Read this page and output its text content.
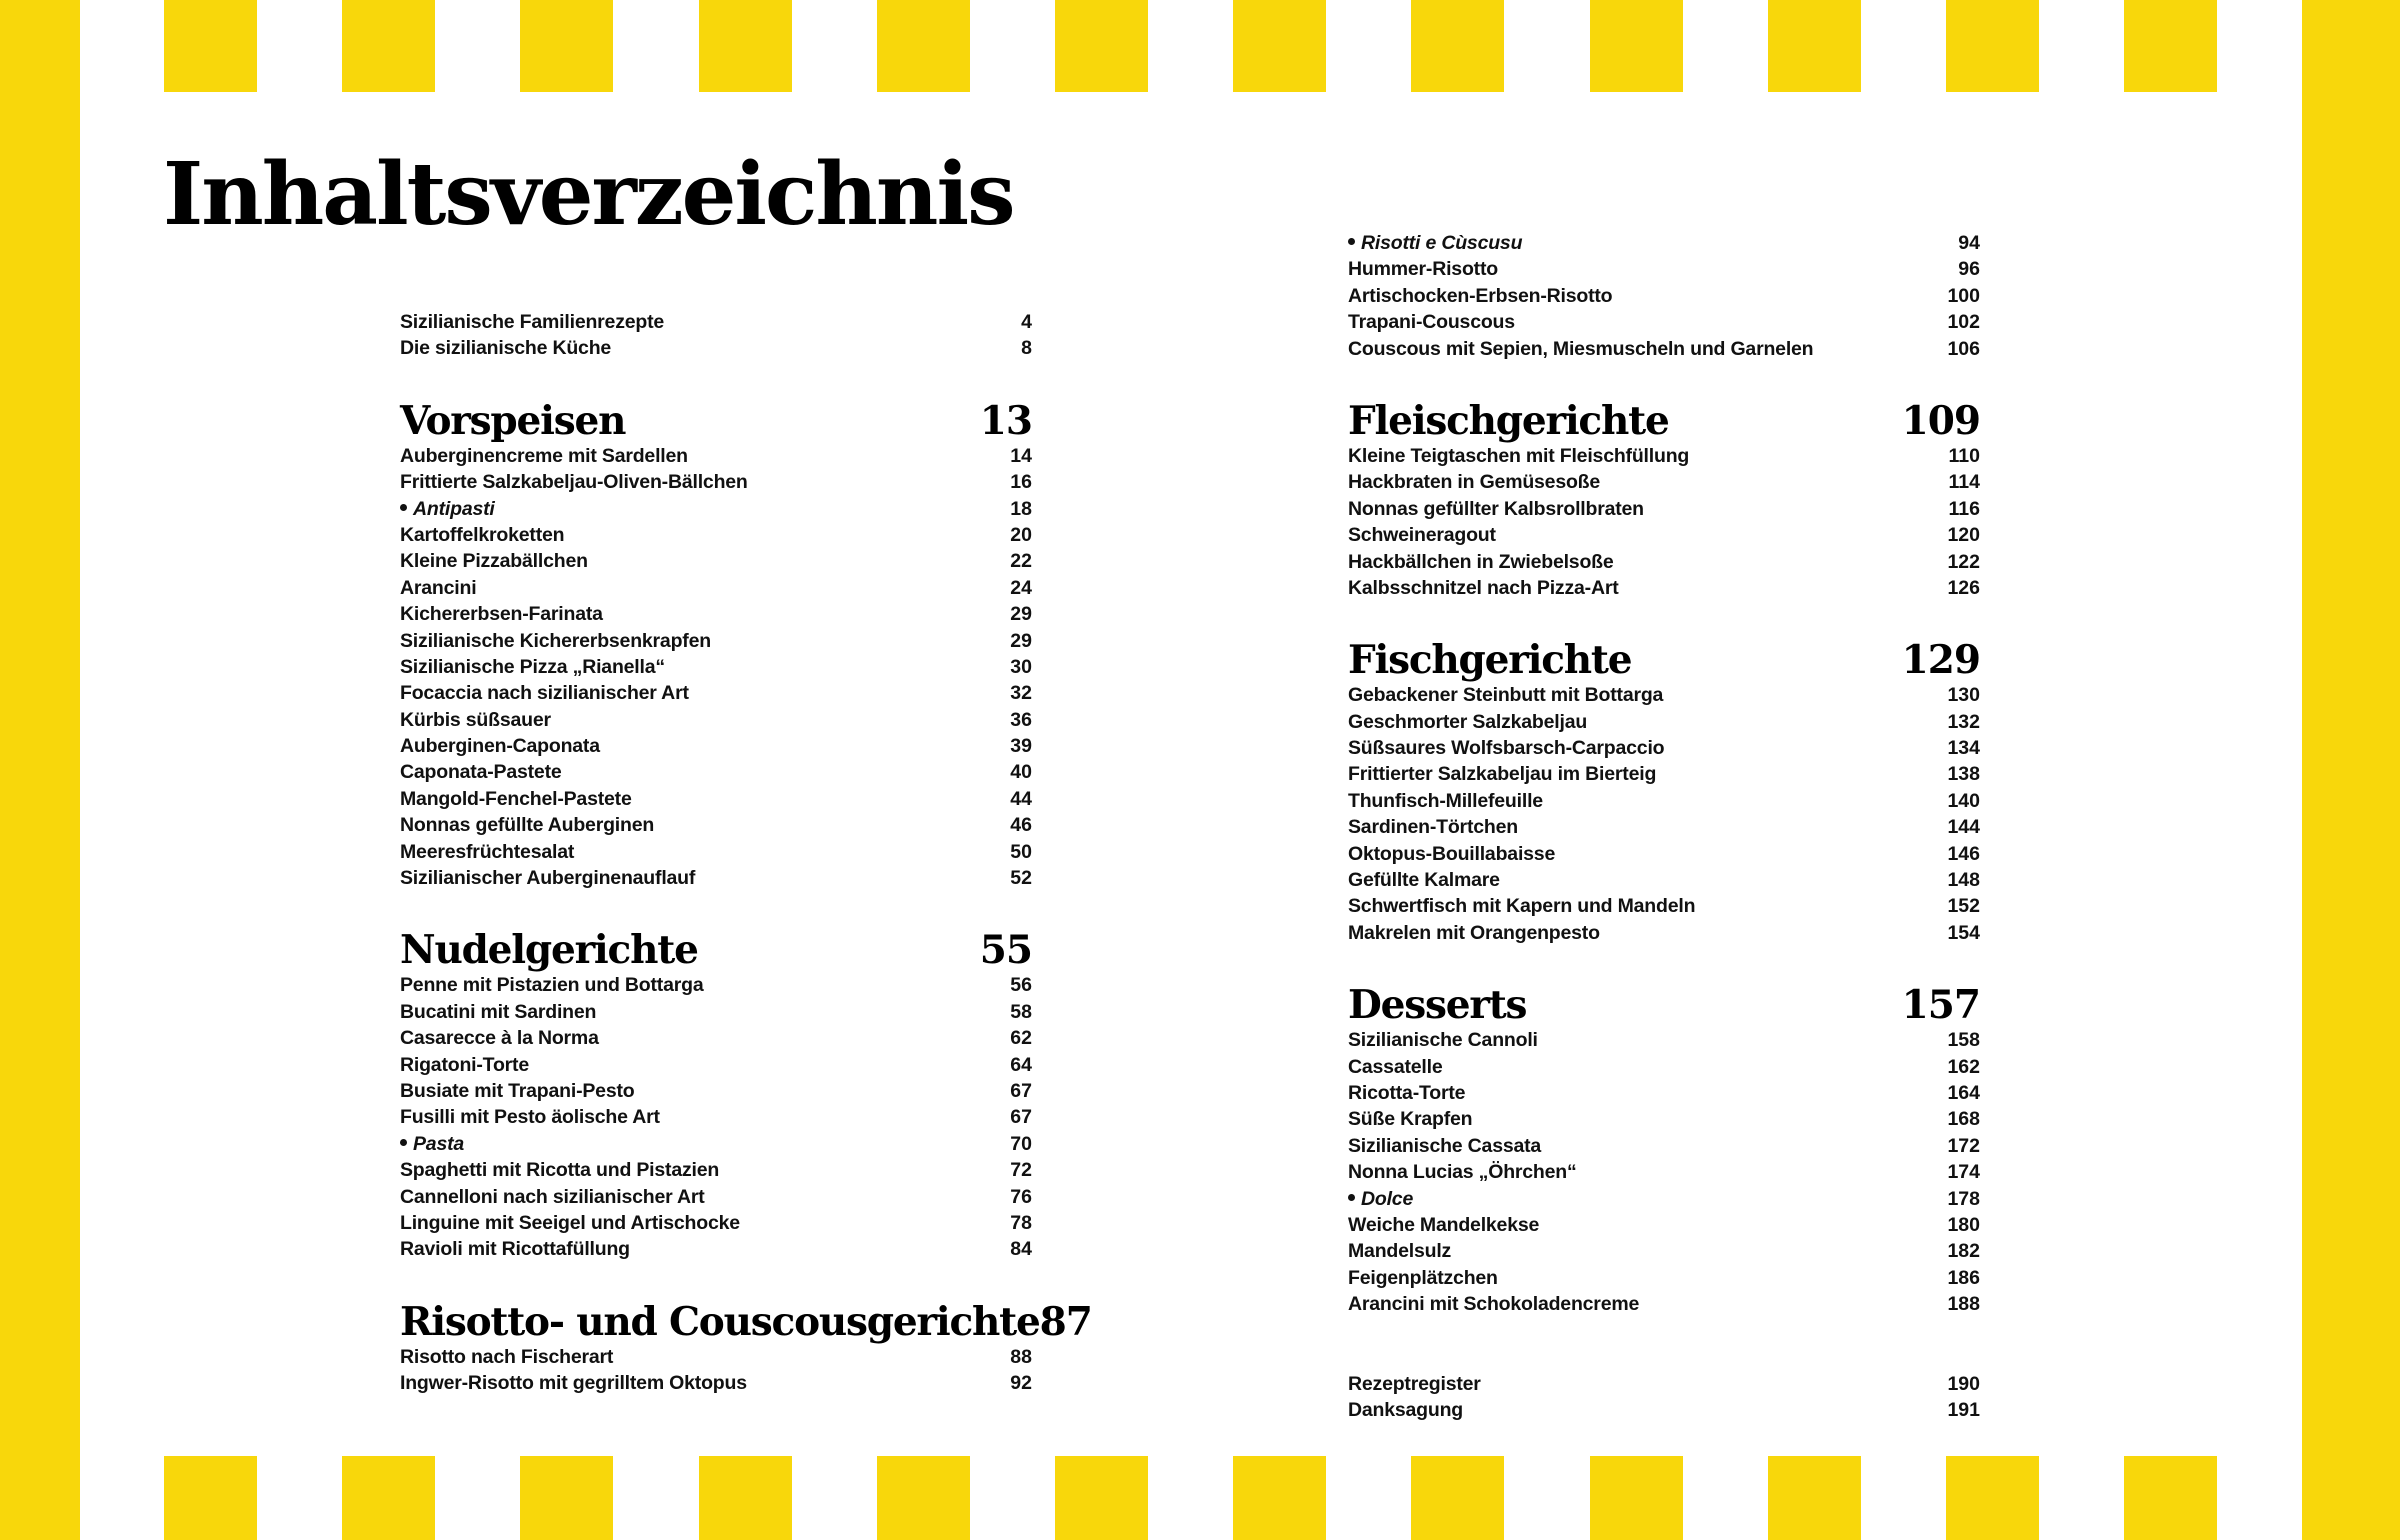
Inhaltsverzeichnis
Sizilianische Familienrezepte	4
Die sizilianische Küche	8
Vorspeisen	13
Auberginencreme mit Sardellen	14
Frittierte Salzkabeljau-Oliven-Bällchen	16
Antipasti	18
Kartoffelkroketten	20
Kleine Pizzabällchen	22
Arancini	24
Kichererbsen-Farinata	29
Sizilianische Kichererbsenkrapfen	29
Sizilianische Pizza „Rianella“	30
Focaccia nach sizilianischer Art	32
Kürbis süßsauer	36
Auberginen-Caponata	39
Caponata-Pastete	40
Mangold-Fenchel-Pastete	44
Nonnas gefüllte Auberginen	46
Meeresfrüchtesalat	50
Sizilianischer Auberginenauflauf	52
Nudelgerichte	55
Penne mit Pistazien und Bottarga	56
Bucatini mit Sardinen	58
Casarecce à la Norma	62
Rigatoni-Torte	64
Busiate mit Trapani-Pesto	67
Fusilli mit Pesto äolische Art	67
Pasta	70
Spaghetti mit Ricotta und Pistazien	72
Cannelloni nach sizilianischer Art	76
Linguine mit Seeigel und Artischocke	78
Ravioli mit Ricottafüllung	84
Risotto- und Couscousgerichte 87
Risotto nach Fischerart	88
Ingwer-Risotto mit gegrilltem Oktopus	92
Risotti e Cùscusu	94
Hummer-Risotto	96
Artischocken-Erbsen-Risotto	100
Trapani-Couscous	102
Couscous mit Sepien, Miesmuscheln und Garnelen	106
Fleischgerichte	109
Kleine Teigtaschen mit Fleischfüllung	110
Hackbraten in Gemüsesoße	114
Nonnas gefüllter Kalbsrollbraten	116
Schweineragout	120
Hackbällchen in Zwiebelsoße	122
Kalbsschnitzel nach Pizza-Art	126
Fischgerichte	129
Gebackener Steinbutt mit Bottarga	130
Geschmorter Salzkabeljau	132
Süßsaures Wolfsbarsch-Carpaccio	134
Frittierter Salzkabeljau im Bierteig	138
Thunfisch-Millefeuille	140
Sardinen-Törtchen	144
Oktopus-Bouillabaisse	146
Gefüllte Kalmare	148
Schwertfisch mit Kapern und Mandeln	152
Makrelen mit Orangenpesto	154
Desserts	157
Sizilianische Cannoli	158
Cassatelle	162
Ricotta-Torte	164
Süße Krapfen	168
Sizilianische Cassata	172
Nonna Lucias „Öhrchen“	174
Dolce	178
Weiche Mandelkekse	180
Mandelsulz	182
Feigenplätzchen	186
Arancini mit Schokoladencreme	188
Rezeptregister	190
Danksagung	191
